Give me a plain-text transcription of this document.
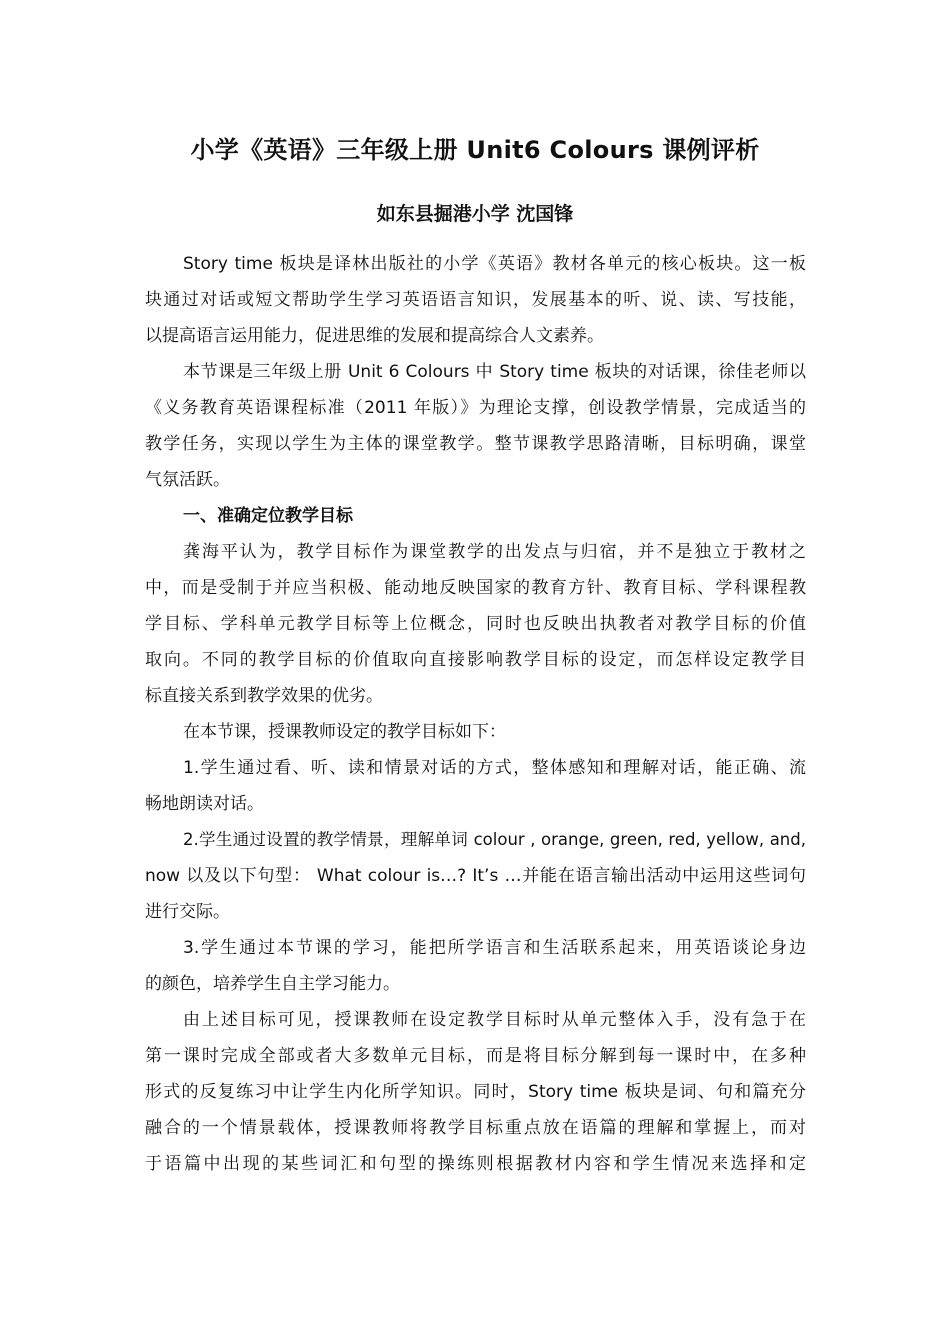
小学《英语》三年级上册 Unit6 Colours 课例评析
如东县掘港小学 沈国锋
Story time 板块是译林出版社的小学《英语》教材各单元的核心板块。这一板
块通过对话或短文帮助学生学习英语语言知识，发展基本的听、说、读、写技能，
以提高语言运用能力，促进思维的发展和提高综合人文素养。
本节课是三年级上册 Unit 6 Colours 中 Story time 板块的对话课，徐佳老师以
《义务教育英语课程标准（2011 年版）》为理论支撑，创设教学情景，完成适当的
教学任务，实现以学生为主体的课堂教学。整节课教学思路清晰，目标明确，课堂
气氛活跃。
一、准确定位教学目标
龚海平认为，教学目标作为课堂教学的出发点与归宿，并不是独立于教材之
中，而是受制于并应当积极、能动地反映国家的教育方针、教育目标、学科课程教
学目标、学科单元教学目标等上位概念，同时也反映出执教者对教学目标的价值
取向。不同的教学目标的价值取向直接影响教学目标的设定，而怎样设定教学目
标直接关系到教学效果的优劣。
在本节课，授课教师设定的教学目标如下：
1.学生通过看、听、读和情景对话的方式，整体感知和理解对话，能正确、流
畅地朗读对话。
2.学生通过设置的教学情景，理解单词 colour , orange, green, red, yellow, and,
now 以及以下句型： What colour is…? It’s …并能在语言输出活动中运用这些词句
进行交际。
3.学生通过本节课的学习，能把所学语言和生活联系起来，用英语谈论身边
的颜色，培养学生自主学习能力。
由上述目标可见，授课教师在设定教学目标时从单元整体入手，没有急于在
第一课时完成全部或者大多数单元目标，而是将目标分解到每一课时中，在多种
形式的反复练习中让学生内化所学知识。同时，Story time 板块是词、句和篇充分
融合的一个情景载体，授课教师将教学目标重点放在语篇的理解和掌握上，而对
于语篇中出现的某些词汇和句型的操练则根据教材内容和学生情况来选择和定
